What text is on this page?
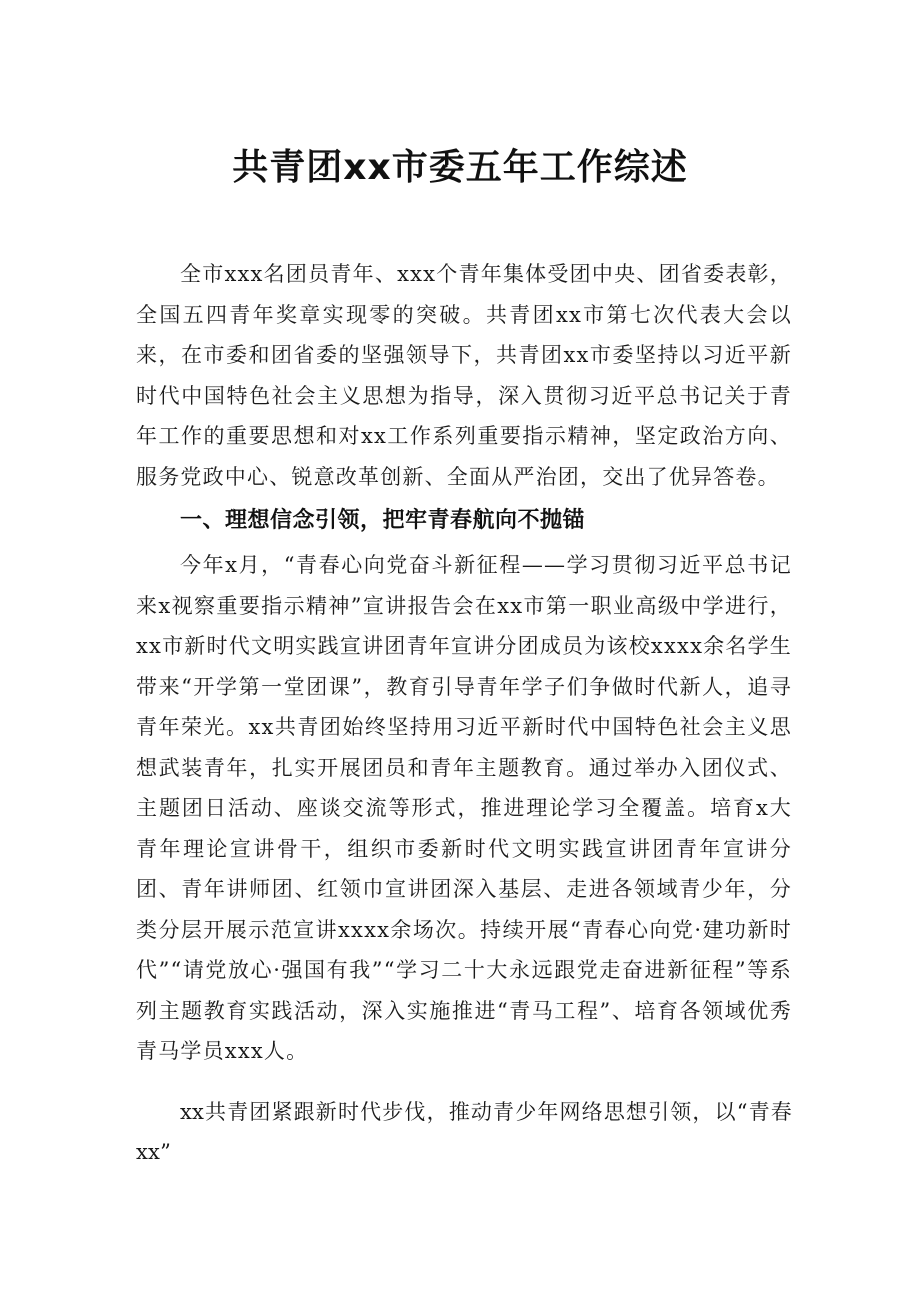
共青团xx市委五年工作综述

全市xxx名团员青年、xxx个青年集体受团中央、团省委表彰，全国五四青年奖章实现零的突破。共青团xx市第七次代表大会以来，在市委和团省委的坚强领导下，共青团xx市委坚持以习近平新时代中国特色社会主义思想为指导，深入贯彻习近平总书记关于青年工作的重要思想和对xx工作系列重要指示精神，坚定政治方向、服务党政中心、锐意改革创新、全面从严治团，交出了优异答卷。

一、理想信念引领，把牢青春航向不抛锚

今年x月，“青春心向党奋斗新征程——学习贯彻习近平总书记来x视察重要指示精神”宣讲报告会在xx市第一职业高级中学进行，xx市新时代文明实践宣讲团青年宣讲分团成员为该校xxxx余名学生带来“开学第一堂团课”，教育引导青年学子们争做时代新人，追寻青年荣光。xx共青团始终坚持用习近平新时代中国特色社会主义思想武装青年，扎实开展团员和青年主题教育。通过举办入团仪式、主题团日活动、座谈交流等形式，推进理论学习全覆盖。培育x大青年理论宣讲骨干，组织市委新时代文明实践宣讲团青年宣讲分团、青年讲师团、红领巾宣讲团深入基层、走进各领域青少年，分类分层开展示范宣讲xxxx余场次。持续开展“青春心向党·建功新时代”“请党放心·强国有我”“学习二十大永远跟党走奋进新征程”等系列主题教育实践活动，深入实施推进“青马工程”、培育各领域优秀青马学员xxx人。

xx共青团紧跟新时代步伐，推动青少年网络思想引领，以“青春xx”
